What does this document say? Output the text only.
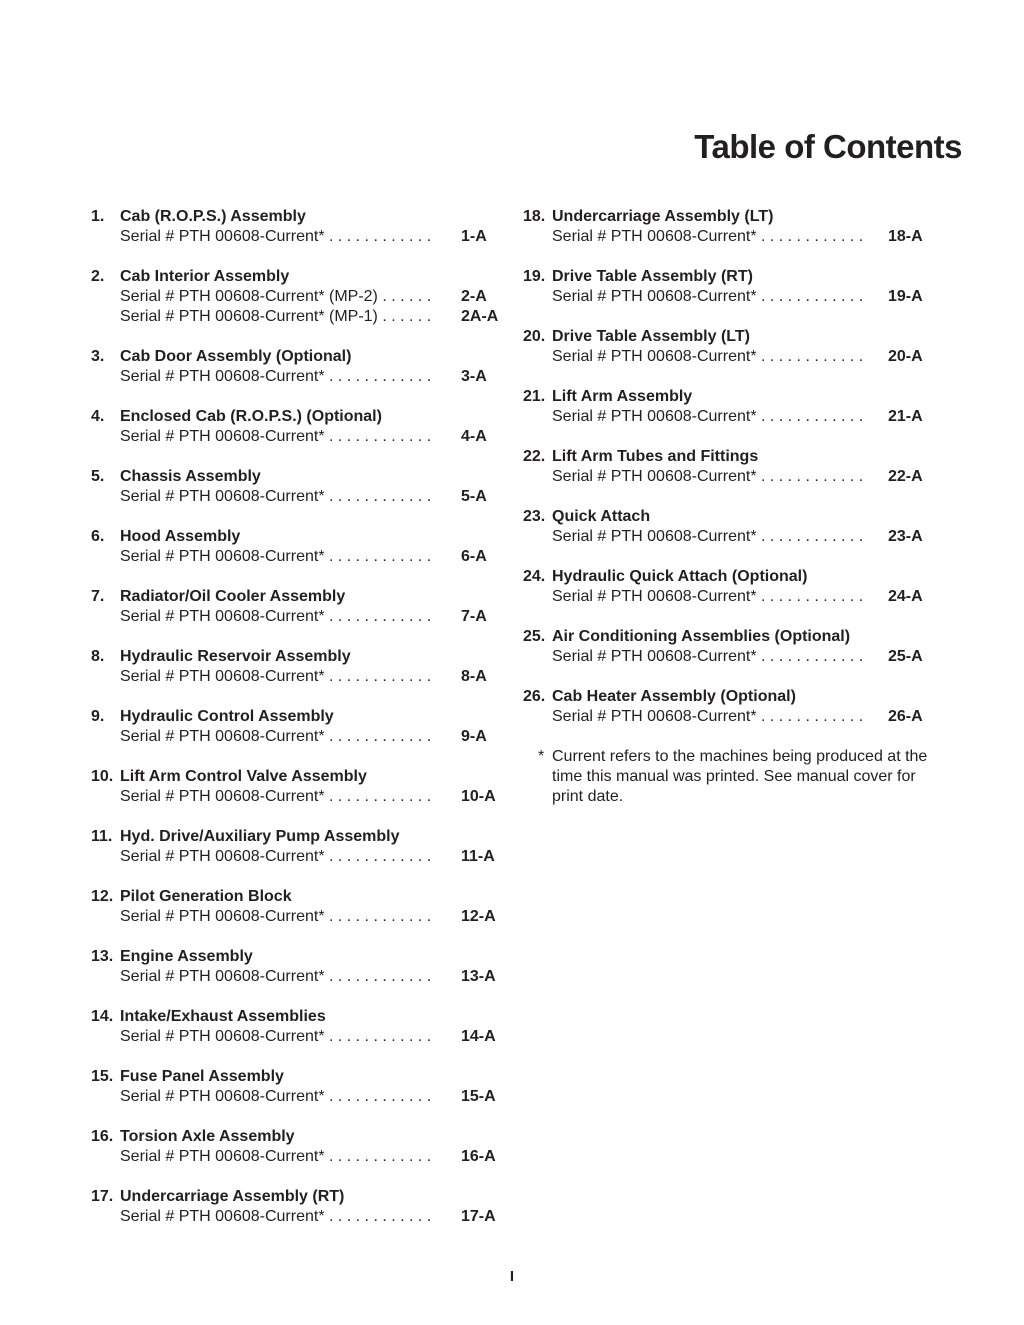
Table of Contents
1. Cab (R.O.P.S.) Assembly
Serial # PTH 00608-Current* . . . . . . . . . . . . 1-A
2. Cab Interior Assembly
Serial # PTH 00608-Current* (MP-2) . . . . . . 2-A
Serial # PTH 00608-Current* (MP-1) . . . . . . 2A-A
3. Cab Door Assembly (Optional)
Serial # PTH 00608-Current* . . . . . . . . . . . . 3-A
4. Enclosed Cab (R.O.P.S.) (Optional)
Serial # PTH 00608-Current* . . . . . . . . . . . . 4-A
5. Chassis Assembly
Serial # PTH 00608-Current* . . . . . . . . . . . . 5-A
6. Hood Assembly
Serial # PTH 00608-Current* . . . . . . . . . . . . 6-A
7. Radiator/Oil Cooler Assembly
Serial # PTH 00608-Current* . . . . . . . . . . . . 7-A
8. Hydraulic Reservoir Assembly
Serial # PTH 00608-Current* . . . . . . . . . . . . 8-A
9. Hydraulic Control Assembly
Serial # PTH 00608-Current* . . . . . . . . . . . . 9-A
10. Lift Arm Control Valve Assembly
Serial # PTH 00608-Current* . . . . . . . . . . . . 10-A
11. Hyd. Drive/Auxiliary Pump Assembly
Serial # PTH 00608-Current* . . . . . . . . . . . . 11-A
12. Pilot Generation Block
Serial # PTH 00608-Current* . . . . . . . . . . . . 12-A
13. Engine Assembly
Serial # PTH 00608-Current* . . . . . . . . . . . . 13-A
14. Intake/Exhaust Assemblies
Serial # PTH 00608-Current* . . . . . . . . . . . . 14-A
15. Fuse Panel Assembly
Serial # PTH 00608-Current* . . . . . . . . . . . . 15-A
16. Torsion Axle Assembly
Serial # PTH 00608-Current* . . . . . . . . . . . . 16-A
17. Undercarriage Assembly (RT)
Serial # PTH 00608-Current* . . . . . . . . . . . . 17-A
18. Undercarriage Assembly (LT)
Serial # PTH 00608-Current* . . . . . . . . . . . . 18-A
19. Drive Table Assembly (RT)
Serial # PTH 00608-Current* . . . . . . . . . . . . 19-A
20. Drive Table Assembly (LT)
Serial # PTH 00608-Current* . . . . . . . . . . . . 20-A
21. Lift Arm Assembly
Serial # PTH 00608-Current* . . . . . . . . . . . . 21-A
22. Lift Arm Tubes and Fittings
Serial # PTH 00608-Current* . . . . . . . . . . . . 22-A
23. Quick Attach
Serial # PTH 00608-Current* . . . . . . . . . . . . 23-A
24. Hydraulic Quick Attach (Optional)
Serial # PTH 00608-Current* . . . . . . . . . . . . 24-A
25. Air Conditioning Assemblies (Optional)
Serial # PTH 00608-Current* . . . . . . . . . . . . 25-A
26. Cab Heater Assembly (Optional)
Serial # PTH 00608-Current* . . . . . . . . . . . . 26-A
* Current refers to the machines being produced at the time this manual was printed. See manual cover for print date.
I
